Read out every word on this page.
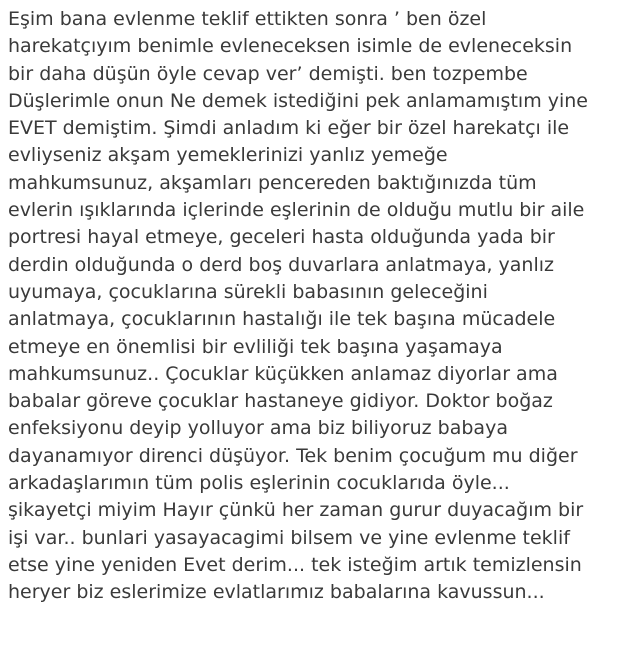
Eşim bana evlenme teklif ettikten sonra ’ ben özel
harekatçıyım benimle evleneceksen isimle de evleneceksin
bir daha düşün öyle cevap ver’ demişti. ben tozpembe
Düşlerimle onun Ne demek istediğini pek anlamamıştım yine
EVET demiştim. Şimdi anladım ki eğer bir özel harekatçı ile
evliyseniz akşam yemeklerinizi yanlız yemeğe
mahkumsunuz, akşamları pencereden baktığınızda tüm
evlerin ışıklarında içlerinde eşlerinin de olduğu mutlu bir aile
portresi hayal etmeye, geceleri hasta olduğunda yada bir
derdin olduğunda o derd boş duvarlara anlatmaya, yanlız
uyumaya, çocuklarına sürekli babasının geleceğini
anlatmaya, çocuklarının hastalığı ile tek başına mücadele
etmeye en önemlisi bir evliliği tek başına yaşamaya
mahkumsunuz.. Çocuklar küçükken anlamaz diyorlar ama
babalar göreve çocuklar hastaneye gidiyor. Doktor boğaz
enfeksiyonu deyip yolluyor ama biz biliyoruz babaya
dayanamıyor direnci düşüyor. Tek benim çocuğum mu diğer
arkadaşlarımın tüm polis eşlerinin cocuklarıda öyle...
şikayetçi miyim Hayır çünkü her zaman gurur duyacağım bir
işi var.. bunlari yasayacagimi bilsem ve yine evlenme teklif
etse yine yeniden Evet derim... tek isteğim artık temizlensin
heryer biz eslerimize evlatlarımız babalarına kavussun...
